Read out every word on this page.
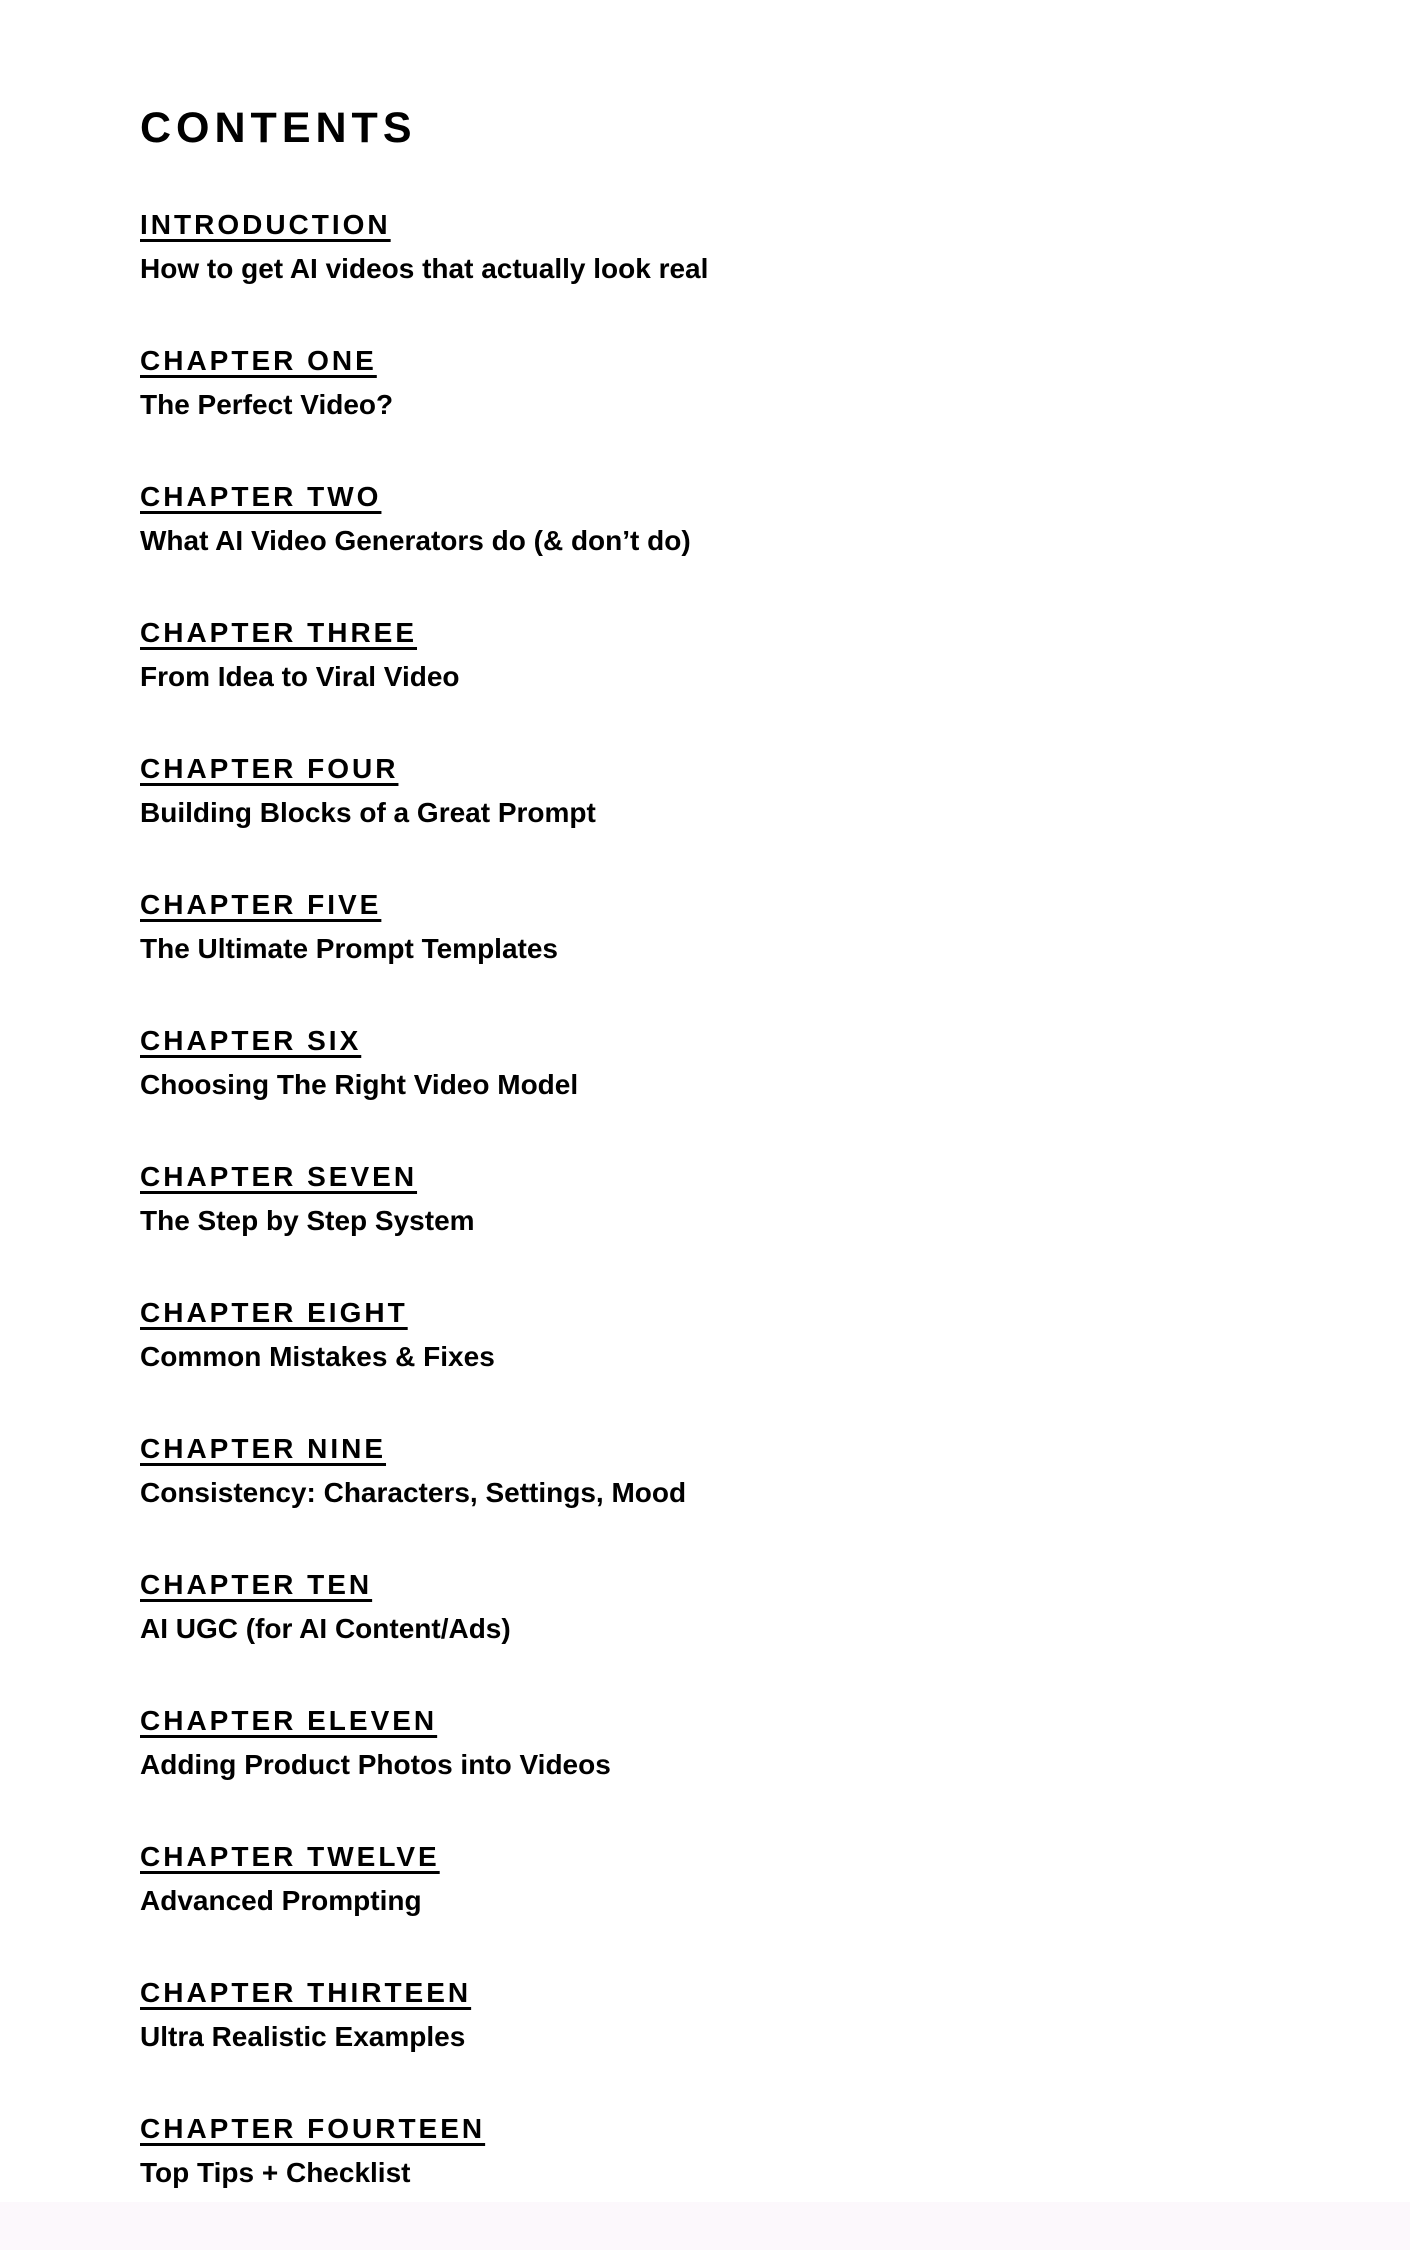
CONTENTS
INTRODUCTION
How to get AI videos that actually look real
CHAPTER ONE
The Perfect Video?
CHAPTER TWO
What AI Video Generators do (& don’t do)
CHAPTER THREE
From Idea to Viral Video
CHAPTER FOUR
Building Blocks of a Great Prompt
CHAPTER FIVE
The Ultimate Prompt Templates
CHAPTER SIX
Choosing The Right Video Model
CHAPTER SEVEN
The Step by Step System
CHAPTER EIGHT
Common Mistakes & Fixes
CHAPTER NINE
Consistency: Characters, Settings, Mood
CHAPTER TEN
AI UGC (for AI Content/Ads)
CHAPTER ELEVEN
Adding Product Photos into Videos
CHAPTER TWELVE
Advanced Prompting
CHAPTER THIRTEEN
Ultra Realistic Examples
CHAPTER FOURTEEN
Top Tips + Checklist
